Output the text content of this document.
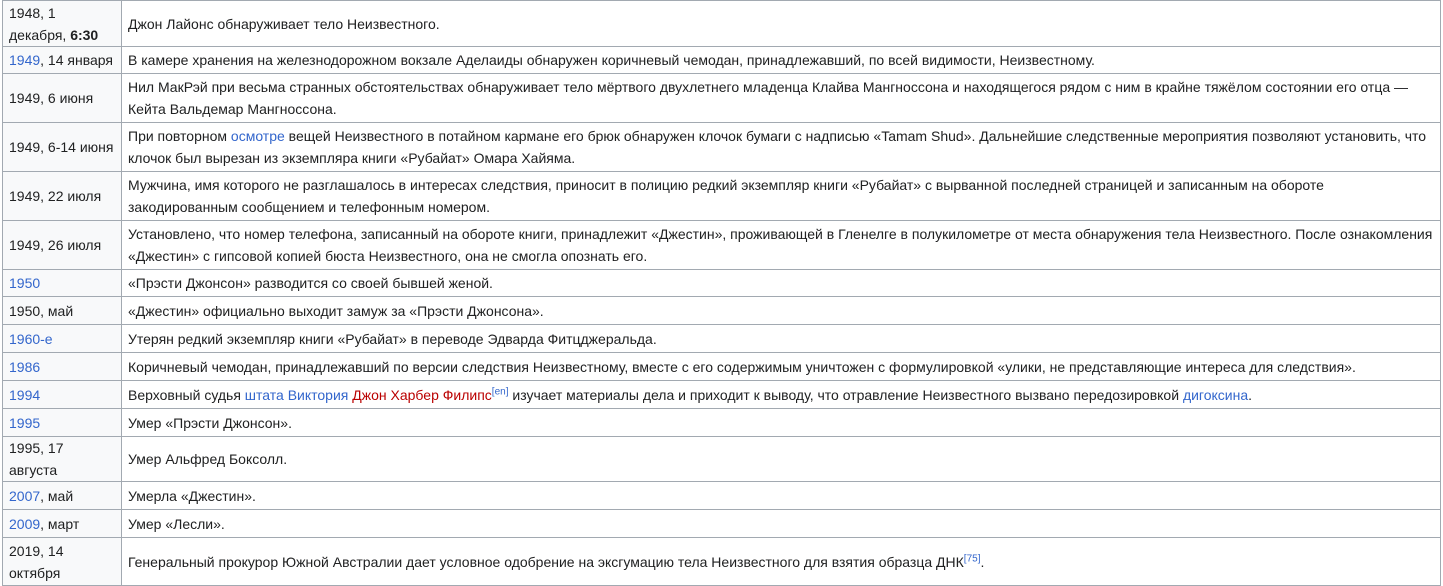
1948, 1 декабря, 6:30	Джон Лайонс обнаруживает тело Неизвестного.
1949, 14 января	В камере хранения на железнодорожном вокзале Аделаиды обнаружен коричневый чемодан, принадлежавший, по всей видимости, Неизвестному.
1949, 6 июня	Нил МакРэй при весьма странных обстоятельствах обнаруживает тело мёртвого двухлетнего младенца Клайва Мангноссона и находящегося рядом с ним в крайне тяжёлом состоянии его отца — Кейта Вальдемар Мангноссона.
1949, 6-14 июня	При повторном осмотре вещей Неизвестного в потайном кармане его брюк обнаружен клочок бумаги с надписью «Tamam Shud». Дальнейшие следственные мероприятия позволяют установить, что клочок был вырезан из экземпляра книги «Рубайат» Омара Хайяма.
1949, 22 июля	Мужчина, имя которого не разглашалось в интересах следствия, приносит в полицию редкий экземпляр книги «Рубайат» с вырванной последней страницей и записанным на обороте закодированным сообщением и телефонным номером.
1949, 26 июля	Установлено, что номер телефона, записанный на обороте книги, принадлежит «Джестин», проживающей в Гленелге в полукилометре от места обнаружения тела Неизвестного. После ознакомления «Джестин» с гипсовой копией бюста Неизвестного, она не смогла опознать его.
1950	«Прэсти Джонсон» разводится со своей бывшей женой.
1950, май	«Джестин» официально выходит замуж за «Прэсти Джонсона».
1960-е	Утерян редкий экземпляр книги «Рубайат» в переводе Эдварда Фитцджеральда.
1986	Коричневый чемодан, принадлежавший по версии следствия Неизвестному, вместе с его содержимым уничтожен с формулировкой «улики, не представляющие интереса для следствия».
1994	Верховный судья штата Виктория Джон Харбер Филипс[en] изучает материалы дела и приходит к выводу, что отравление Неизвестного вызвано передозировкой дигоксина.
1995	Умер «Прэсти Джонсон».
1995, 17 августа	Умер Альфред Боксолл.
2007, май	Умерла «Джестин».
2009, март	Умер «Лесли».
2019, 14 октября	Генеральный прокурор Южной Австралии дает условное одобрение на эксгумацию тела Неизвестного для взятия образца ДНК[75].
